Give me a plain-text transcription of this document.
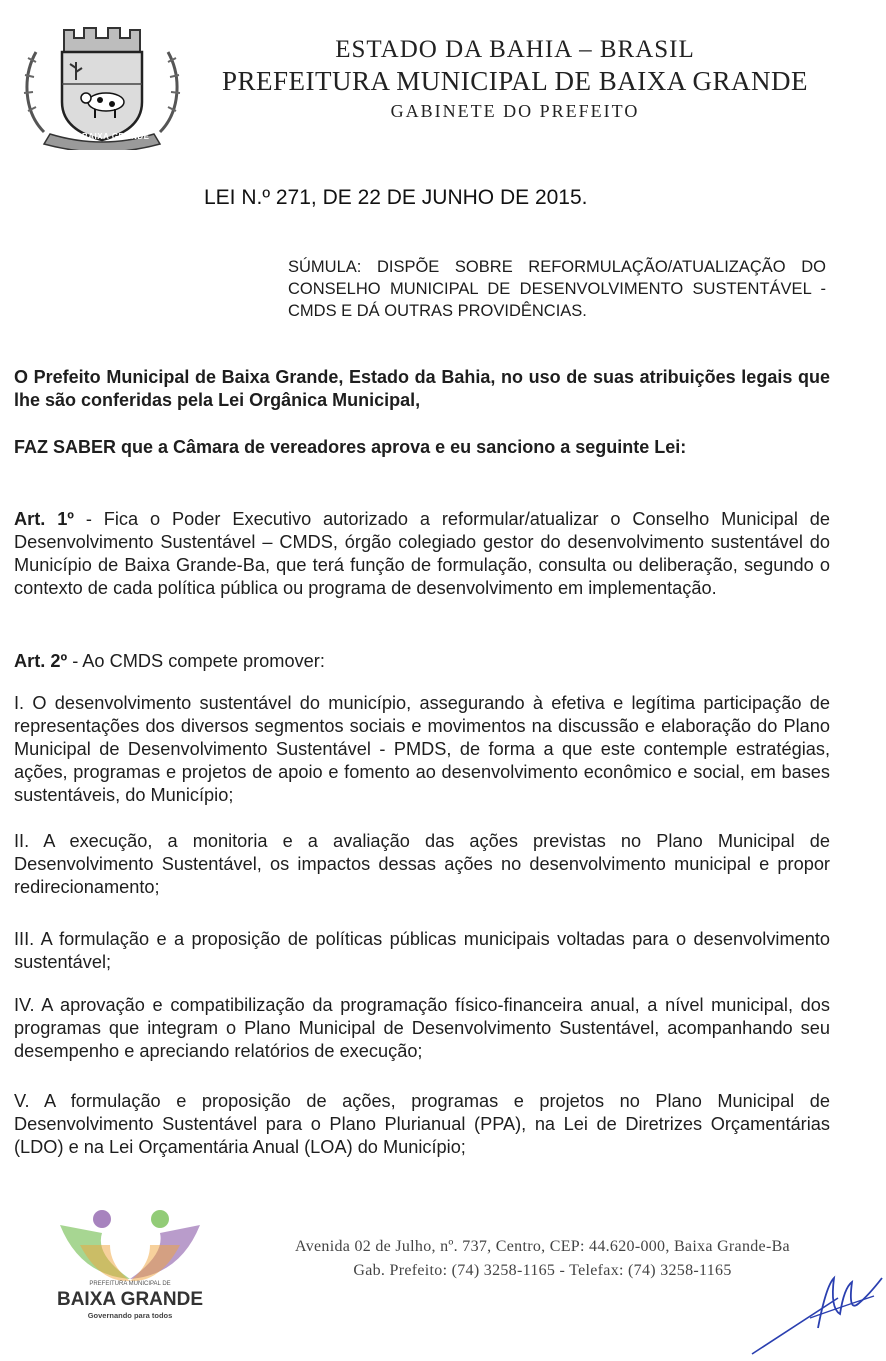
BAIXA GRANDE
ESTADO DA BAHIA – BRASIL
PREFEITURA MUNICIPAL DE BAIXA GRANDE
GABINETE DO PREFEITO
LEI N.º 271, DE 22 DE JUNHO DE 2015.
SÚMULA: DISPÕE SOBRE REFORMULAÇÃO/ATUALIZAÇÃO DO CONSELHO MUNICIPAL DE DESENVOLVIMENTO SUSTENTÁVEL - CMDS E DÁ OUTRAS PROVIDÊNCIAS.
O Prefeito Municipal de Baixa Grande, Estado da Bahia, no uso de suas atribuições legais que lhe são conferidas pela Lei Orgânica Municipal,
FAZ SABER que a Câmara de vereadores aprova e eu sanciono a seguinte Lei:
Art. 1º - Fica o Poder Executivo autorizado a reformular/atualizar o Conselho Municipal de Desenvolvimento Sustentável – CMDS, órgão colegiado gestor do desenvolvimento sustentável do Município de Baixa Grande-Ba, que terá função de formulação, consulta ou deliberação, segundo o contexto de cada política pública ou programa de desenvolvimento em implementação.
Art. 2º - Ao CMDS compete promover:
I. O desenvolvimento sustentável do município, assegurando à efetiva e legítima participação de representações dos diversos segmentos sociais e movimentos na discussão e elaboração do Plano Municipal de Desenvolvimento Sustentável - PMDS, de forma a que este contemple estratégias, ações, programas e projetos de apoio e fomento ao desenvolvimento econômico e social, em bases sustentáveis, do Município;
II. A execução, a monitoria e a avaliação das ações previstas no Plano Municipal de Desenvolvimento Sustentável, os impactos dessas ações no desenvolvimento municipal e propor redirecionamento;
III. A formulação e a proposição de políticas públicas municipais voltadas para o desenvolvimento sustentável;
IV. A aprovação e compatibilização da programação físico-financeira anual, a nível municipal, dos programas que integram o Plano Municipal de Desenvolvimento Sustentável, acompanhando seu desempenho e apreciando relatórios de execução;
V. A formulação e proposição de ações, programas e projetos no Plano Municipal de Desenvolvimento Sustentável para o Plano Plurianual (PPA), na Lei de Diretrizes Orçamentárias (LDO) e na Lei Orçamentária Anual (LOA) do Município;
PREFEITURA MUNICIPAL DE
BAIXA GRANDE
Governando para todos
Avenida 02 de Julho, nº. 737, Centro, CEP: 44.620-000, Baixa Grande-Ba
Gab. Prefeito: (74) 3258-1165 - Telefax: (74) 3258-1165
